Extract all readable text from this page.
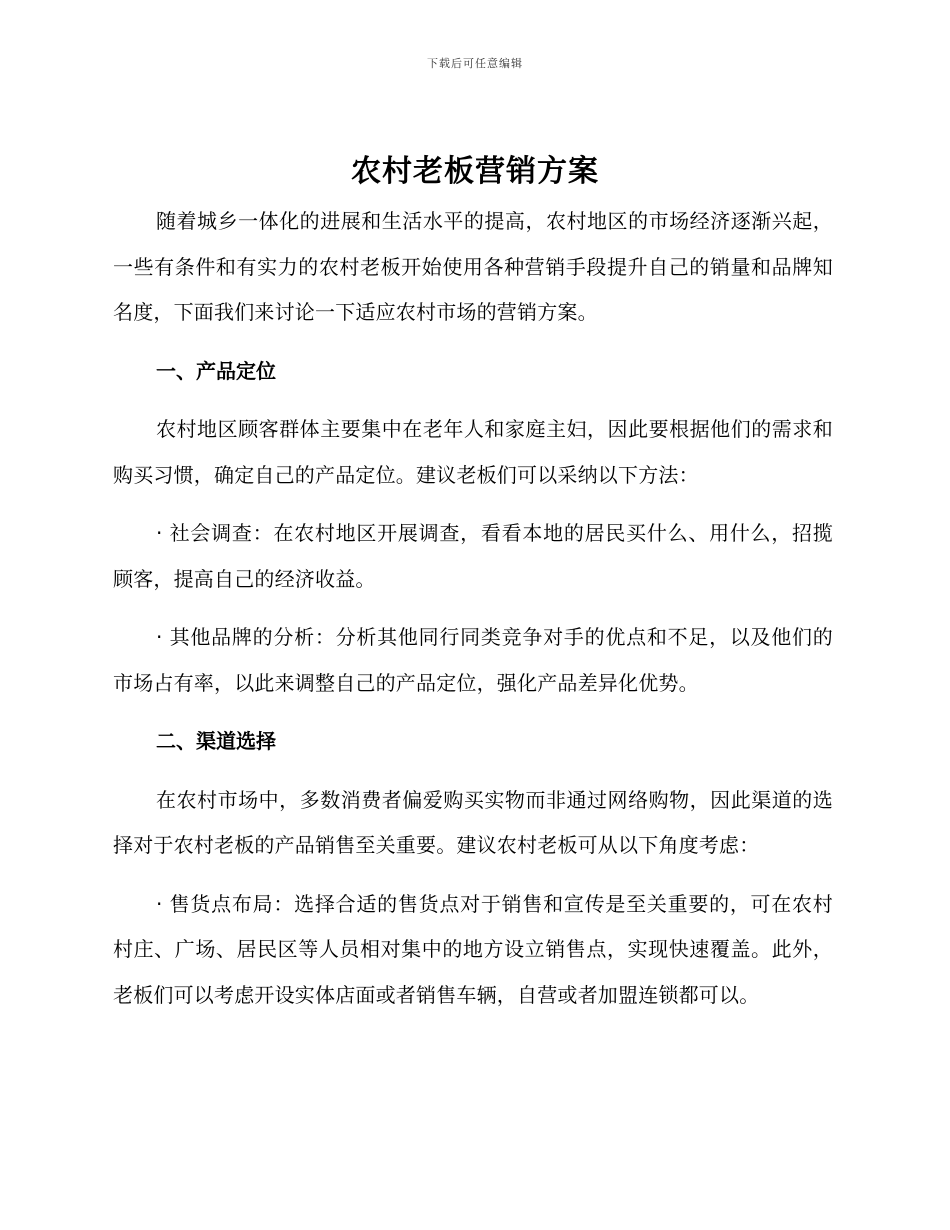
下载后可任意编辑
农村老板营销方案

随着城乡一体化的进展和生活水平的提高，农村地区的市场经济逐渐兴起，一些有条件和有实力的农村老板开始使用各种营销手段提升自己的销量和品牌知名度，下面我们来讨论一下适应农村市场的营销方案。

一、产品定位

农村地区顾客群体主要集中在老年人和家庭主妇，因此要根据他们的需求和购买习惯，确定自己的产品定位。建议老板们可以采纳以下方法：

· 社会调查：在农村地区开展调查，看看本地的居民买什么、用什么，招揽顾客，提高自己的经济收益。

· 其他品牌的分析：分析其他同行同类竞争对手的优点和不足，以及他们的市场占有率，以此来调整自己的产品定位，强化产品差异化优势。

二、渠道选择

在农村市场中，多数消费者偏爱购买实物而非通过网络购物，因此渠道的选择对于农村老板的产品销售至关重要。建议农村老板可从以下角度考虑：

· 售货点布局：选择合适的售货点对于销售和宣传是至关重要的，可在农村村庄、广场、居民区等人员相对集中的地方设立销售点，实现快速覆盖。此外，老板们可以考虑开设实体店面或者销售车辆，自营或者加盟连锁都可以。
